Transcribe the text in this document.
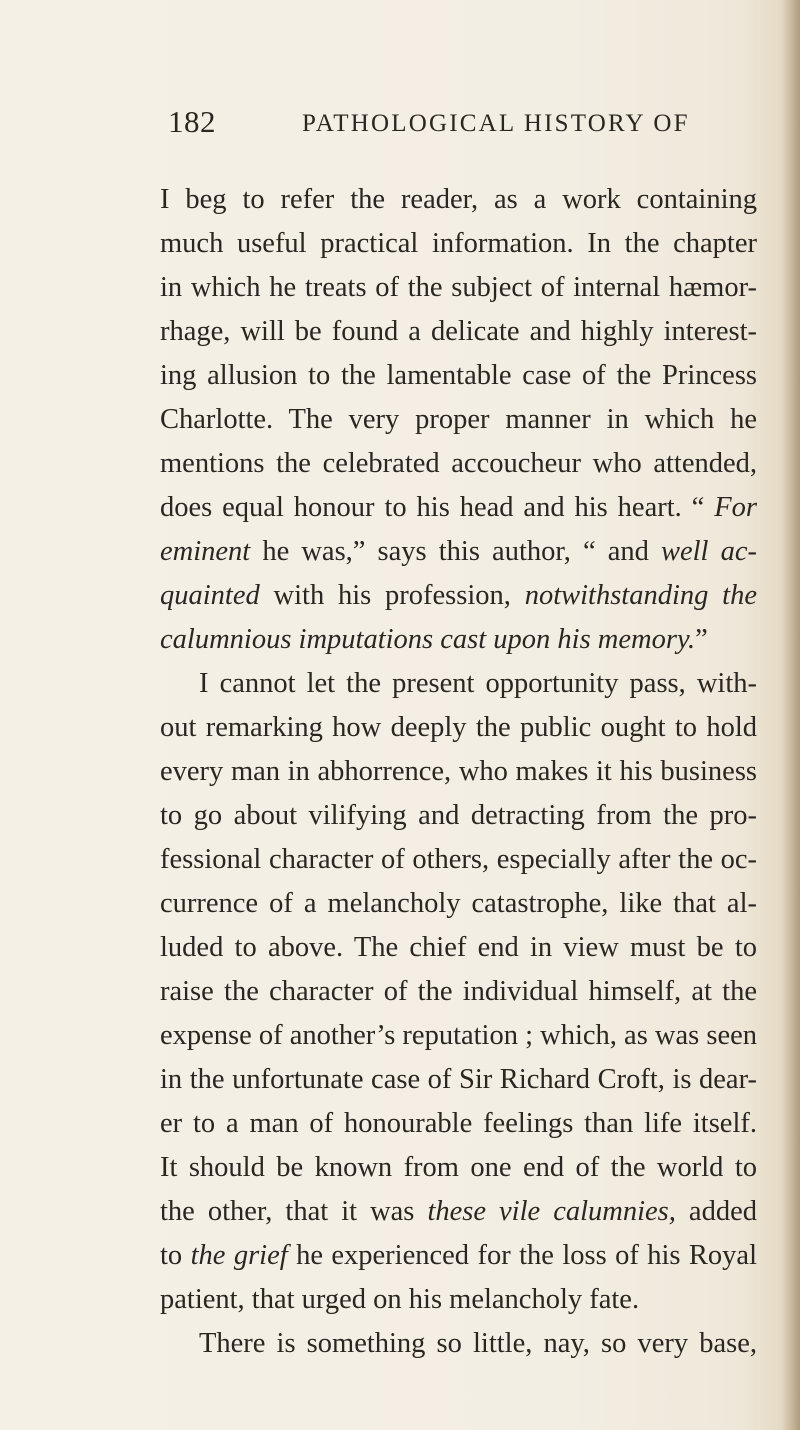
182	PATHOLOGICAL HISTORY OF
I beg to refer the reader, as a work containing
much useful practical information. In the chapter
in which he treats of the subject of internal hæmor-
rhage, will be found a delicate and highly interest-
ing allusion to the lamentable case of the Princess
Charlotte. The very proper manner in which he
mentions the celebrated accoucheur who attended,
does equal honour to his head and his heart. “ For
eminent he was,” says this author, “ and well ac-
quainted with his profession, notwithstanding the
calumnious imputations cast upon his memory.”
I cannot let the present opportunity pass, with-
out remarking how deeply the public ought to hold
every man in abhorrence, who makes it his business
to go about vilifying and detracting from the pro-
fessional character of others, especially after the oc-
currence of a melancholy catastrophe, like that al-
luded to above. The chief end in view must be to
raise the character of the individual himself, at the
expense of another’s reputation ; which, as was seen
in the unfortunate case of Sir Richard Croft, is dear-
er to a man of honourable feelings than life itself.
It should be known from one end of the world to
the other, that it was these vile calumnies, added
to the grief he experienced for the loss of his Royal
patient, that urged on his melancholy fate.
There is something so little, nay, so very base,
